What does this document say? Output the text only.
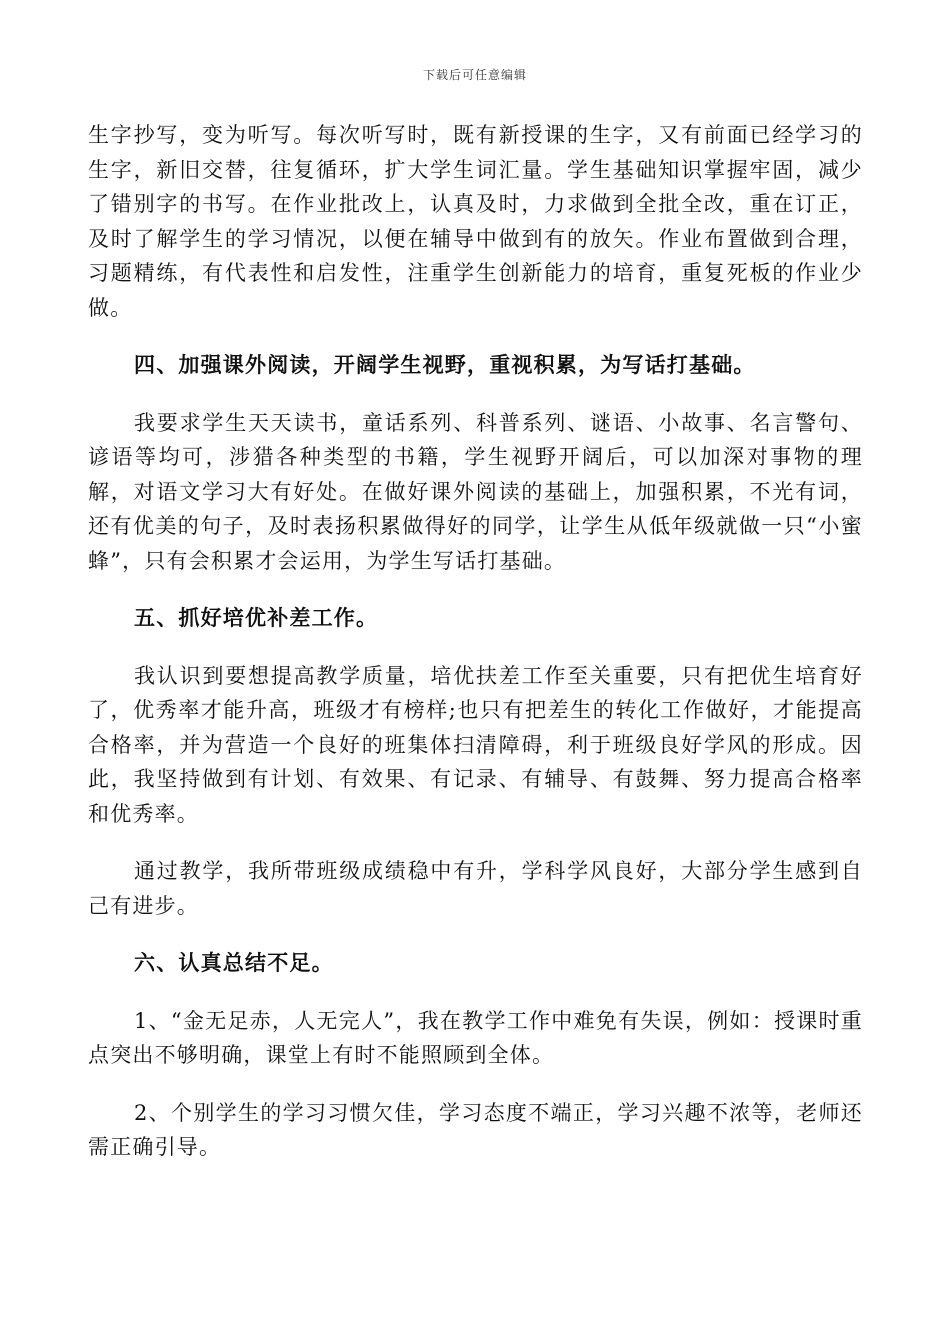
下载后可任意编辑

生字抄写，变为听写。每次听写时，既有新授课的生字，又有前面已经学习的生字，新旧交替，往复循环，扩大学生词汇量。学生基础知识掌握牢固，减少了错别字的书写。在作业批改上，认真及时，力求做到全批全改，重在订正，及时了解学生的学习情况，以便在辅导中做到有的放矢。作业布置做到合理，习题精练，有代表性和启发性，注重学生创新能力的培育，重复死板的作业少做。

四、加强课外阅读，开阔学生视野，重视积累，为写话打基础。

我要求学生天天读书，童话系列、科普系列、谜语、小故事、名言警句、谚语等均可，涉猎各种类型的书籍，学生视野开阔后，可以加深对事物的理解，对语文学习大有好处。在做好课外阅读的基础上，加强积累，不光有词，还有优美的句子，及时表扬积累做得好的同学，让学生从低年级就做一只“小蜜蜂”，只有会积累才会运用，为学生写话打基础。

五、抓好培优补差工作。

我认识到要想提高教学质量，培优扶差工作至关重要，只有把优生培育好了，优秀率才能升高，班级才有榜样;也只有把差生的转化工作做好，才能提高合格率，并为营造一个良好的班集体扫清障碍，利于班级良好学风的形成。因此，我坚持做到有计划、有效果、有记录、有辅导、有鼓舞、努力提高合格率和优秀率。

通过教学，我所带班级成绩稳中有升，学科学风良好，大部分学生感到自己有进步。

六、认真总结不足。

1、“金无足赤，人无完人”，我在教学工作中难免有失误，例如：授课时重点突出不够明确，课堂上有时不能照顾到全体。

2、个别学生的学习习惯欠佳，学习态度不端正，学习兴趣不浓等，老师还需正确引导。
